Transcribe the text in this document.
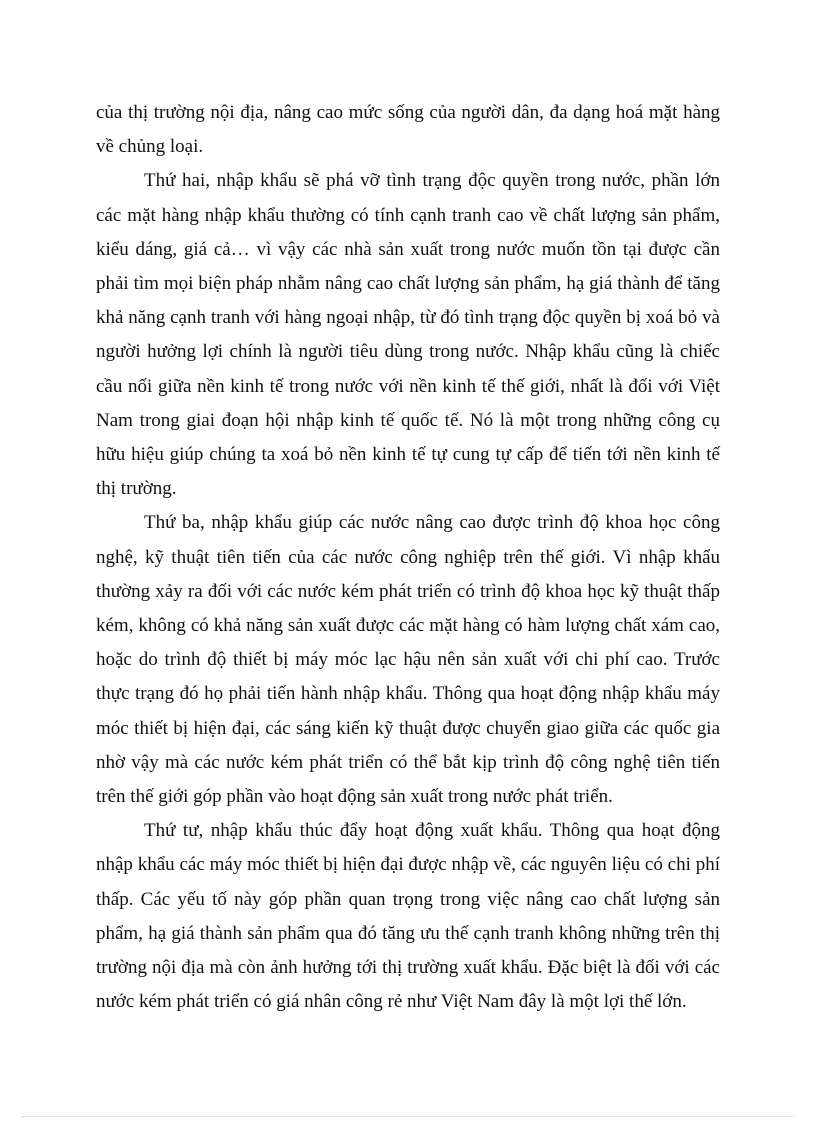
của thị trường nội địa, nâng cao mức sống của người dân, đa dạng hoá mặt hàng về chủng loại.

Thứ hai, nhập khẩu sẽ phá vỡ tình trạng độc quyền trong nước, phần lớn các mặt hàng nhập khẩu thường có tính cạnh tranh cao về chất lượng sản phẩm, kiểu dáng, giá cả… vì vậy các nhà sản xuất trong nước muốn tồn tại được cần phải tìm mọi biện pháp nhằm nâng cao chất lượng sản phẩm, hạ giá thành để tăng khả năng cạnh tranh với hàng ngoại nhập, từ đó tình trạng độc quyền bị xoá bỏ và người hưởng lợi chính là người tiêu dùng trong nước. Nhập khẩu cũng là chiếc cầu nối giữa nền kinh tế trong nước với nền kinh tế thế giới, nhất là đối với Việt Nam trong giai đoạn hội nhập kinh tế quốc tế. Nó là một trong những công cụ hữu hiệu giúp chúng ta xoá bỏ nền kinh tế tự cung tự cấp để tiến tới nền kinh tế thị trường.

Thứ ba, nhập khẩu giúp các nước nâng cao được trình độ khoa học công nghệ, kỹ thuật tiên tiến của các nước công nghiệp trên thế giới. Vì nhập khẩu thường xảy ra đối với các nước kém phát triển có trình độ khoa học kỹ thuật thấp kém, không có khả năng sản xuất được các mặt hàng có hàm lượng chất xám cao, hoặc do trình độ thiết bị máy móc lạc hậu nên sản xuất với chi phí cao. Trước thực trạng đó họ phải tiến hành nhập khẩu. Thông qua hoạt động nhập khẩu máy móc thiết bị hiện đại, các sáng kiến kỹ thuật được chuyển giao giữa các quốc gia nhờ vậy mà các nước kém phát triển có thể bắt kịp trình độ công nghệ tiên tiến trên thế giới góp phần vào hoạt động sản xuất trong nước phát triển.

Thứ tư, nhập khẩu thúc đẩy hoạt động xuất khẩu. Thông qua hoạt động nhập khẩu các máy móc thiết bị hiện đại được nhập về, các nguyên liệu có chi phí thấp. Các yếu tố này góp phần quan trọng trong việc nâng cao chất lượng sản phẩm, hạ giá thành sản phẩm qua đó tăng ưu thế cạnh tranh không những trên thị trường nội địa mà còn ảnh hưởng tới thị trường xuất khẩu. Đặc biệt là đối với các nước kém phát triển có giá nhân công rẻ như Việt Nam đây là một lợi thế lớn.
